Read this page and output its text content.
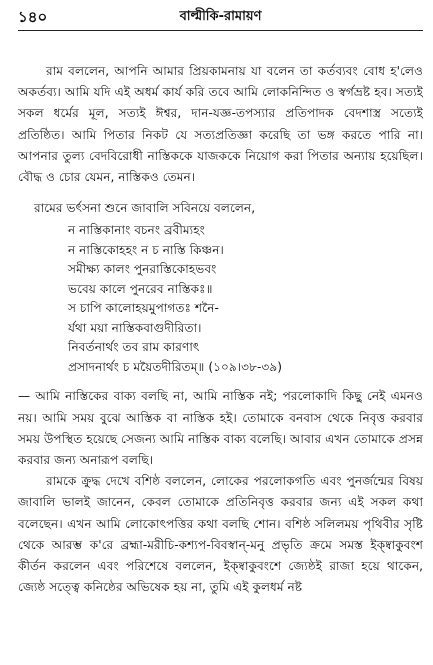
১৪০	বাল্মীকি-রামায়ণ

রাম বললেন, আপনি আমার প্রিয়কামনায় যা বলেন তা কর্তব্যবং বোধ হ'লেও অকর্তব্য। আমি যদি এই অধর্ম কার্য করি তবে আমি লোকনিন্দিত ও স্বর্গভ্রষ্ট হব। সত্যই সকল ধর্মের মূল, সত্যই ঈশ্বর, দান-যজ্ঞ-তপস্যার প্রতিপাদক বেদশাস্ত্র সত্যেই প্রতিষ্ঠিত। আমি পিতার নিকট যে সত্যপ্রতিজ্ঞা করেছি তা ভঙ্গ করতে পারি না। আপনার তুল্য বেদবিরোধী নাস্তিককে যাজককে নিয়োগ করা পিতার অন্যায় হয়েছিল। বৌদ্ধ ও চোর যেমন, নাস্তিকও তেমন।

রামের ভর্ৎসনা শুনে জাবালি সবিনয়ে বললেন,

ন নাস্তিকানাং বচনং ব্রবীম্যহং
ন নাস্তিকোহহং ন চ নাস্তি কিঞ্চন।
সমীক্ষ্য কালং পুনরাস্তিকোহভবং
ভবেয় কালে পুনরেব নাস্তিকঃ॥
স চাপি কালোহয়মুপাগতঃ শনৈ-
র্যথা ময়া নাস্তিকবাগুদীরিতা।
নিবর্তনার্থং তব রাম কারণাৎ
প্রসাদনার্থং চ ময়ৈতদীরিতম্॥ (১০৯।৩৮-৩৯)

— আমি নাস্তিকের বাক্য বলছি না, আমি নাস্তিক নই; পরলোকাদি কিছু নেই এমনও নয়। আমি সময় বুঝে আস্তিক বা নাস্তিক হই। তোমাকে বনবাস থেকে নিবৃত্ত করবার সময় উপস্থিত হয়েছে সেজন্য আমি নাস্তিক বাক্য বলেছি। আবার এখন তোমাকে প্রসন্ন করবার জন্য অনারূপ বলছি।

রামকে ক্রুদ্ধ দেখে বশিষ্ঠ বললেন, লোকের পরলোকগতি এবং পুনর্জন্মের বিষয় জাবালি ভালই জানেন, কেবল তোমাকে প্রতিনিবৃত্ত করবার জন্য এই সকল কথা বলেছেন। এখন আমি লোকোৎপত্তির কথা বলছি শোন। বশিষ্ঠ সলিলময় পৃথিবীর সৃষ্টি থেকে আরম্ভ ক'রে ব্রহ্মা-মরীচি-কশ্যপ-বিবস্বান্‌-মনু প্রভৃতি ক্রমে সমস্ত ইক্ষ্বাকুবংশ কীর্তন করলেন এবং পরিশেষে বললেন, ইক্ষ্বাকুবংশে জ্যেষ্ঠই রাজা হয়ে থাকেন, জ্যেষ্ঠ সত্ত্বে কনিষ্ঠের অভিষেক হয় না, তুমি এই কুলধর্ম নষ্ট
